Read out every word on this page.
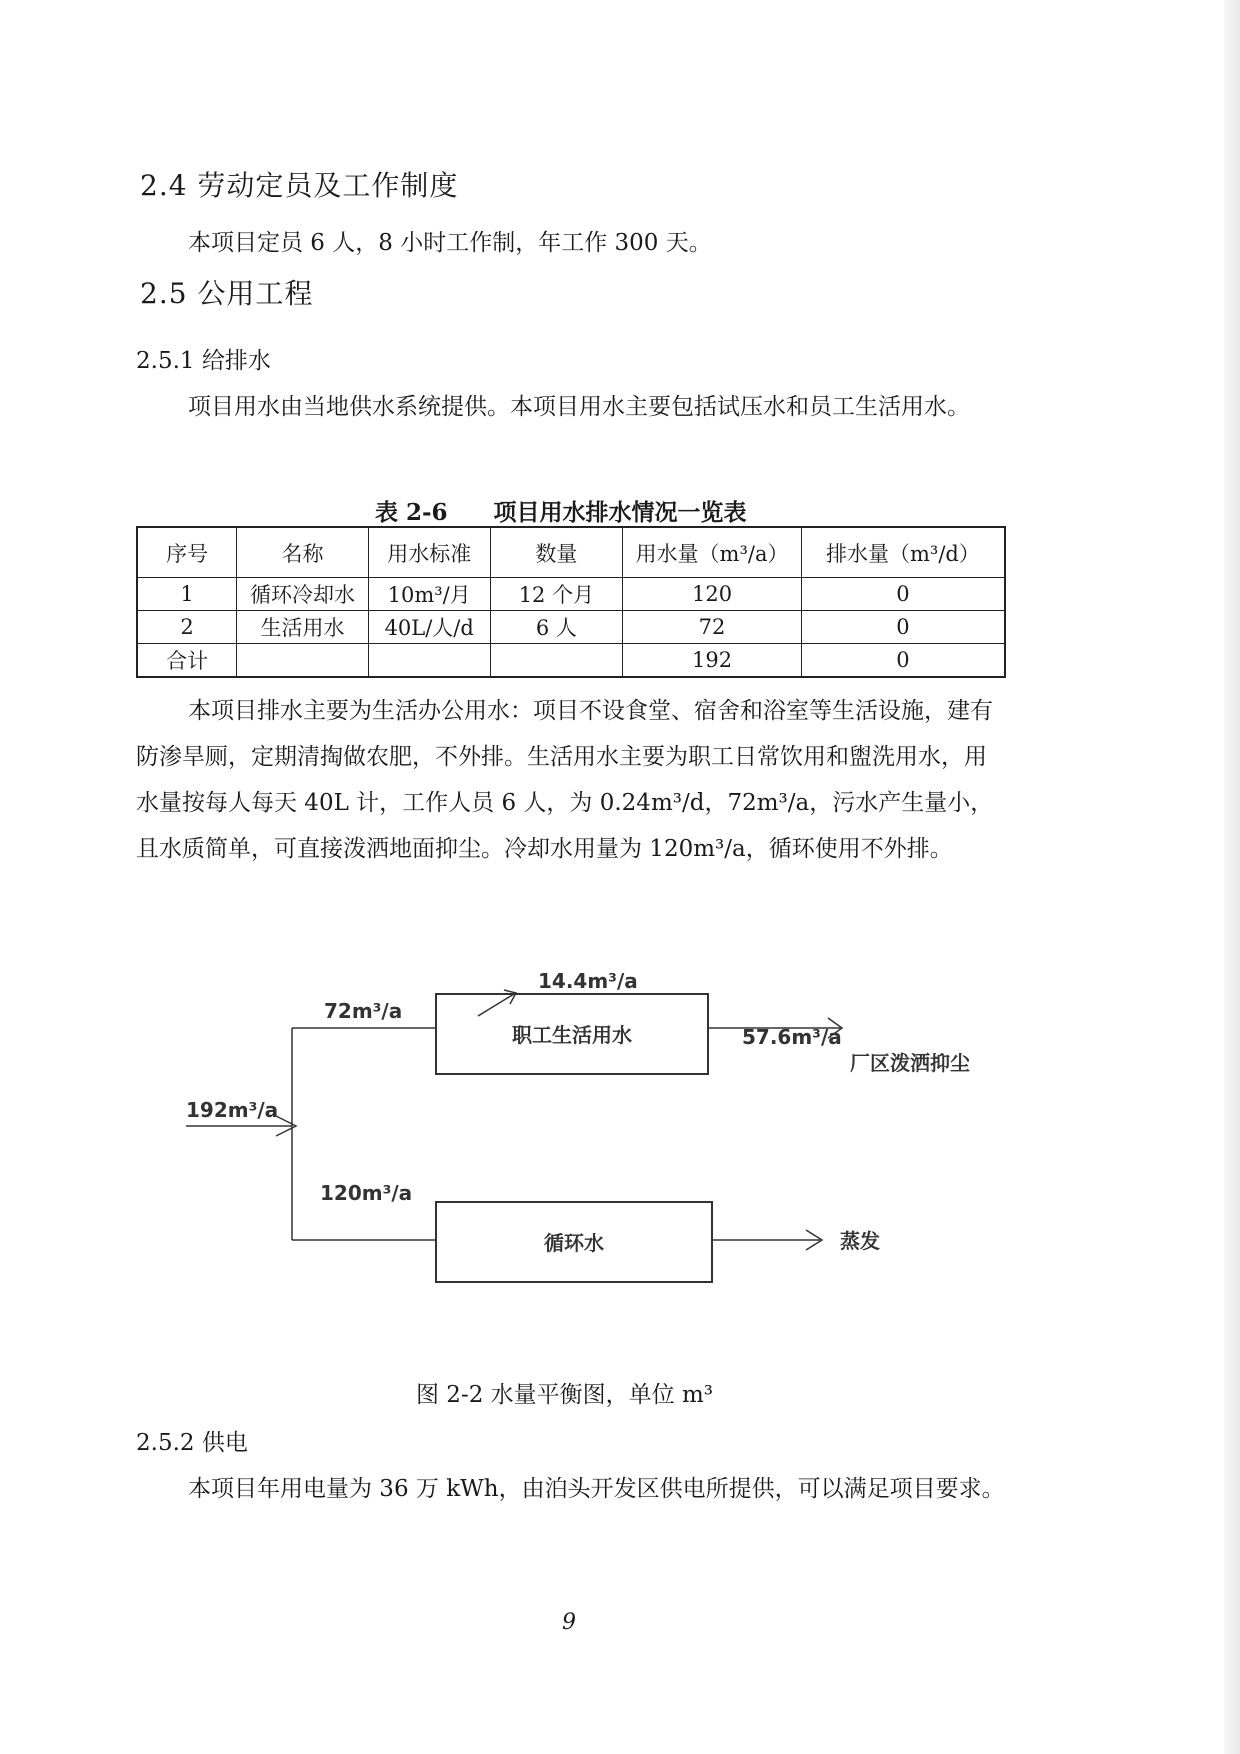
2.4 劳动定员及工作制度

本项目定员 6 人，8 小时工作制，年工作 300 天。

2.5 公用工程
2.5.1 给排水

项目用水由当地供水系统提供。本项目用水主要包括试压水和员工生活用水。

表 2-6　　项目用水排水情况一览表
序号	名称	用水标准	数量	用水量（m³/a）	排水量（m³/d）
1	循环冷却水	10m³/月	12 个月	120	0
2	生活用水	40L/人/d	6 人	72	0
合计				192	0

本项目排水主要为生活办公用水：项目不设食堂、宿舍和浴室等生活设施，建有防渗旱厕，定期清掏做农肥，不外排。生活用水主要为职工日常饮用和盥洗用水，用水量按每人每天 40L 计，工作人员 6 人，为 0.24m³/d，72m³/a，污水产生量小，且水质简单，可直接泼洒地面抑尘。冷却水用量为 120m³/a，循环使用不外排。

职工生活用水
循环水
192m³/a
72m³/a
120m³/a
14.4m³/a
57.6m³/a
厂区泼洒抑尘
蒸发
图 2-2 水量平衡图，单位 m³
2.5.2 供电

本项目年用电量为 36 万 kWh，由泊头开发区供电所提供，可以满足项目要求。

9
